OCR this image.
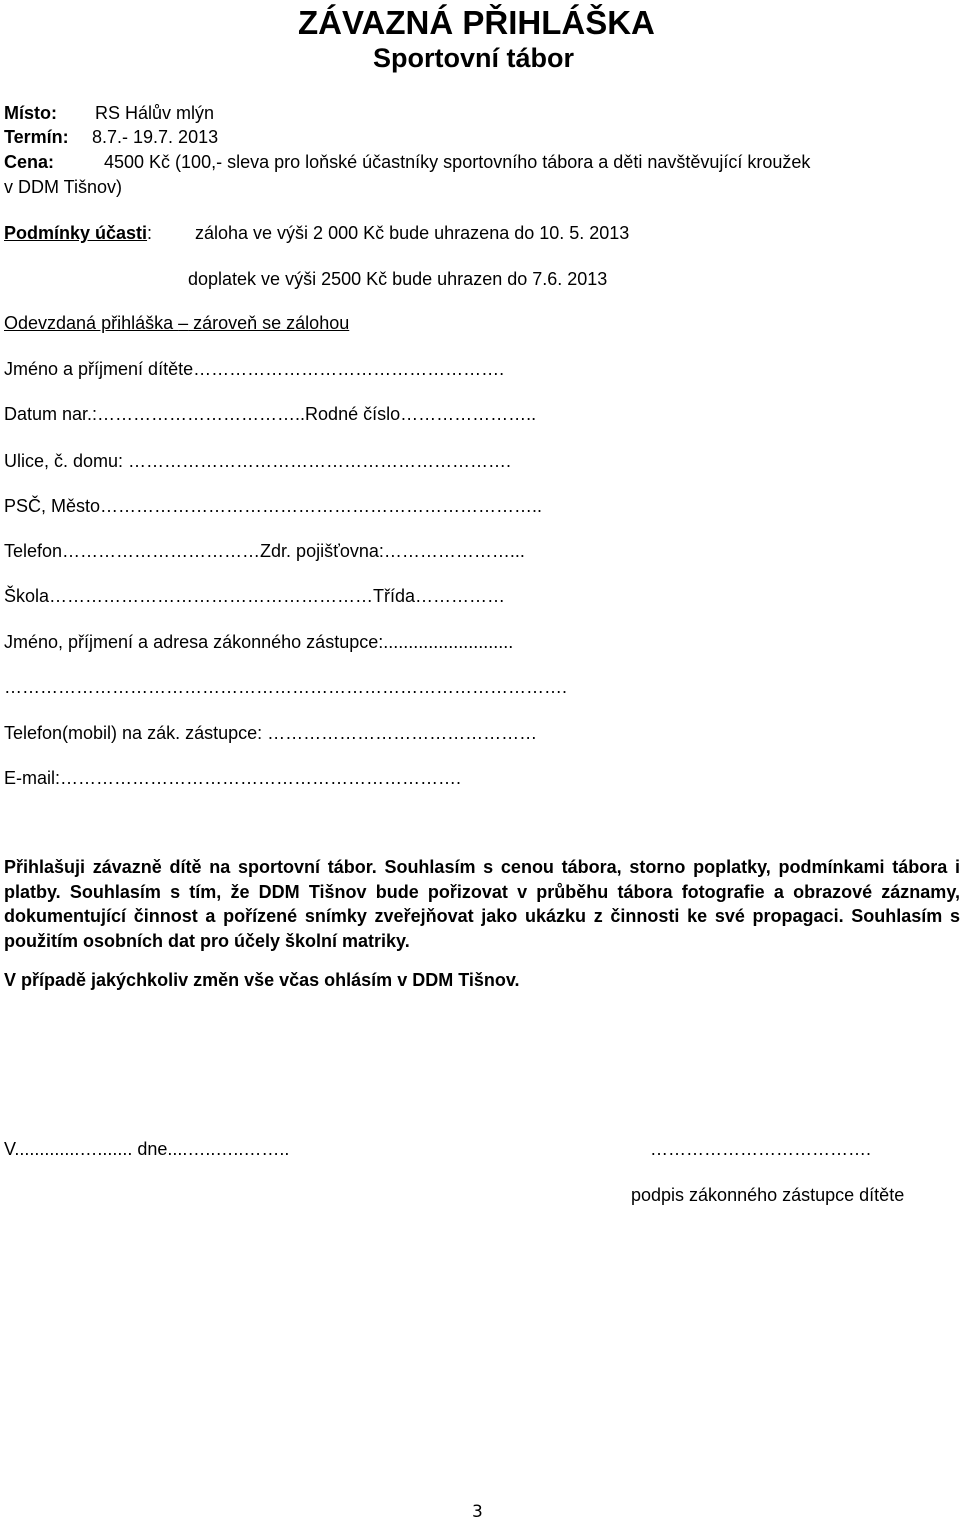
ZÁVAZNÁ PŘIHLÁŠKA
Sportovní tábor
Místo: RS Hálův mlýn
Termín: 8.7.- 19.7. 2013
Cena:	4500 Kč (100,- sleva pro loňské účastníky sportovního tábora a děti navštěvující kroužek
v DDM Tišnov)
Podmínky účasti: záloha ve výši 2 000 Kč bude uhrazena do 10. 5. 2013
doplatek ve výši 2500 Kč bude uhrazen do 7.6. 2013
Odevzdaná přihláška – zároveň se zálohou
Jméno a příjmení dítěte…………………………………………….
Datum nar.:……………………………..Rodné číslo…………………..
Ulice, č. domu: ……………………………………………………….
PSČ, Město………………………………………………………………..
Telefon……………………………Zdr. pojišťovna:…………………...
Škola………………………………………………Třída……………
Jméno, příjmení a adresa zákonného zástupce:..........................
………………………………………………………………………………….
Telefon(mobil) na zák. zástupce: ………………………………………
E-mail:………………………………………………………….
Přihlašuji závazně dítě na sportovní tábor. Souhlasím s cenou tábora, storno poplatky, podmínkami tábora i platby. Souhlasím s tím, že DDM Tišnov bude pořizovat v průběhu tábora fotografie a obrazové záznamy, dokumentující činnost a pořízené snímky zveřejňovat jako ukázku z činnosti ke své propagaci. Souhlasím s použitím osobních dat pro účely školní matriky.
V případě jakýchkoliv změn vše včas ohlásím v DDM Tišnov.
V.............…....... dne....…..…..……..	……………………………….
podpis zákonného zástupce dítěte
3
